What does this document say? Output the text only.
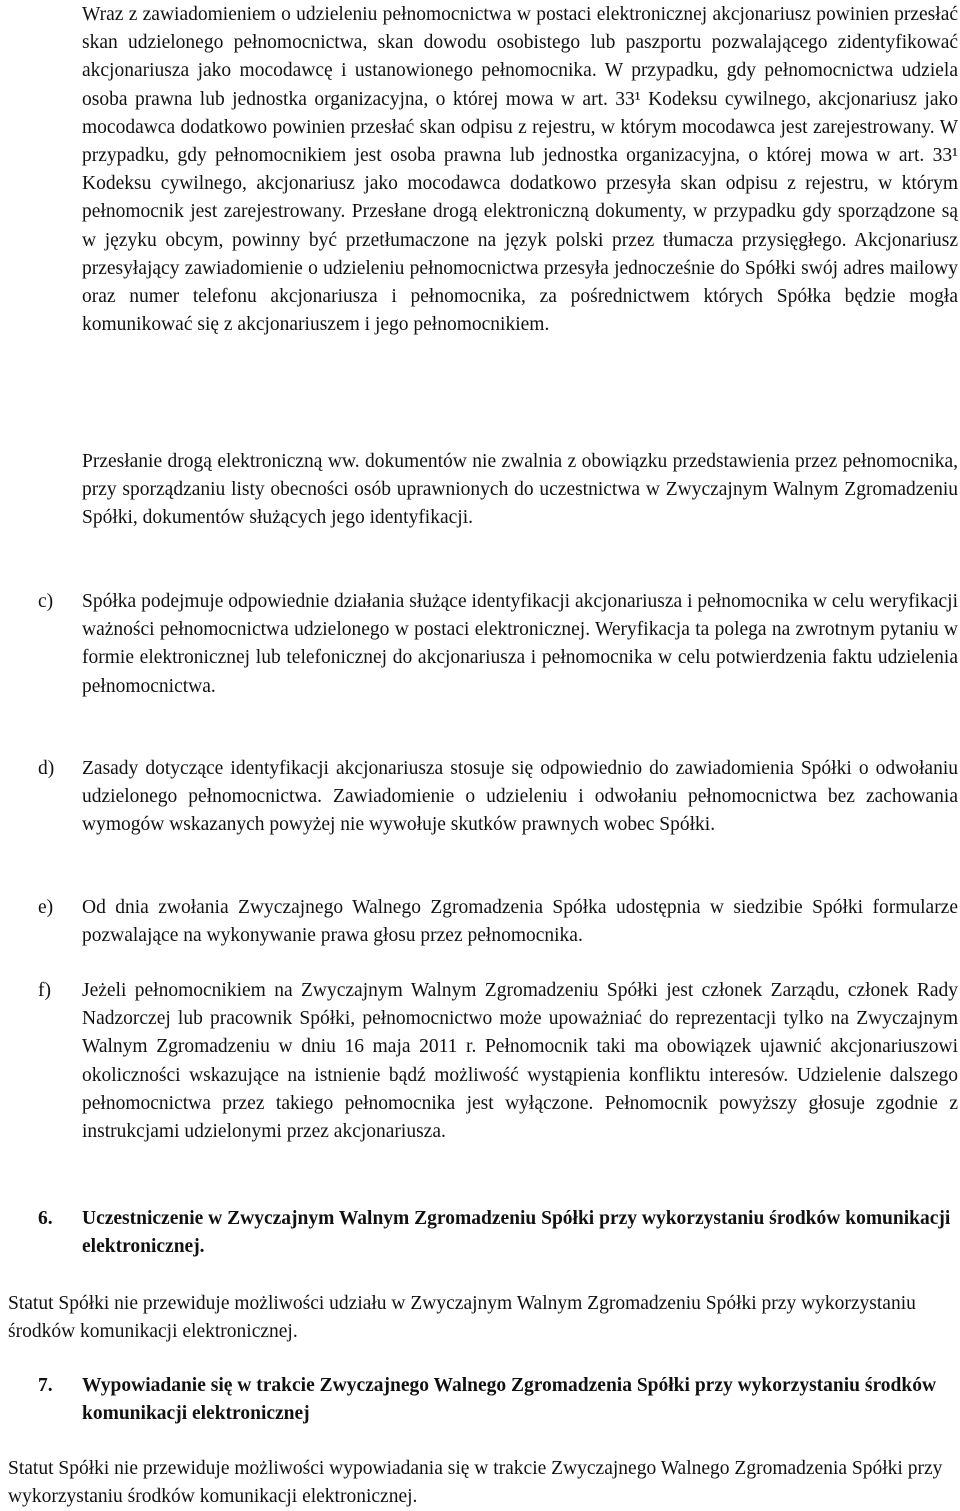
Wraz z zawiadomieniem o udzieleniu pełnomocnictwa w postaci elektronicznej akcjonariusz powinien przesłać skan udzielonego pełnomocnictwa, skan dowodu osobistego lub paszportu pozwalającego zidentyfikować akcjonariusza jako mocodawcę i ustanowionego pełnomocnika. W przypadku, gdy pełnomocnictwa udziela osoba prawna lub jednostka organizacyjna, o której mowa w art. 33¹ Kodeksu cywilnego, akcjonariusz jako mocodawca dodatkowo powinien przesłać skan odpisu z rejestru, w którym mocodawca jest zarejestrowany. W przypadku, gdy pełnomocnikiem jest osoba prawna lub jednostka organizacyjna, o której mowa w art. 33¹ Kodeksu cywilnego, akcjonariusz jako mocodawca dodatkowo przesyła skan odpisu z rejestru, w którym pełnomocnik jest zarejestrowany. Przesłane drogą elektroniczną dokumenty, w przypadku gdy sporządzone są w języku obcym, powinny być przetłumaczone na język polski przez tłumacza przysięgłego. Akcjonariusz przesyłający zawiadomienie o udzieleniu pełnomocnictwa przesyła jednocześnie do Spółki swój adres mailowy oraz numer telefonu akcjonariusza i pełnomocnika, za pośrednictwem których Spółka będzie mogła komunikować się z akcjonariuszem i jego pełnomocnikiem.

Przesłanie drogą elektroniczną ww. dokumentów nie zwalnia z obowiązku przedstawienia przez pełnomocnika, przy sporządzaniu listy obecności osób uprawnionych do uczestnictwa w Zwyczajnym Walnym Zgromadzeniu Spółki, dokumentów służących jego identyfikacji.

c) Spółka podejmuje odpowiednie działania służące identyfikacji akcjonariusza i pełnomocnika w celu weryfikacji ważności pełnomocnictwa udzielonego w postaci elektronicznej. Weryfikacja ta polega na zwrotnym pytaniu w formie elektronicznej lub telefonicznej do akcjonariusza i pełnomocnika w celu potwierdzenia faktu udzielenia pełnomocnictwa.

d) Zasady dotyczące identyfikacji akcjonariusza stosuje się odpowiednio do zawiadomienia Spółki o odwołaniu udzielonego pełnomocnictwa. Zawiadomienie o udzieleniu i odwołaniu pełnomocnictwa bez zachowania wymogów wskazanych powyżej nie wywołuje skutków prawnych wobec Spółki.

e) Od dnia zwołania Zwyczajnego Walnego Zgromadzenia Spółka udostępnia w siedzibie Spółki formularze pozwalające na wykonywanie prawa głosu przez pełnomocnika.

f) Jeżeli pełnomocnikiem na Zwyczajnym Walnym Zgromadzeniu Spółki jest członek Zarządu, członek Rady Nadzorczej lub pracownik Spółki, pełnomocnictwo może upoważniać do reprezentacji tylko na Zwyczajnym Walnym Zgromadzeniu w dniu 16 maja 2011 r. Pełnomocnik taki ma obowiązek ujawnić akcjonariuszowi okoliczności wskazujące na istnienie bądź możliwość wystąpienia konfliktu interesów. Udzielenie dalszego pełnomocnictwa przez takiego pełnomocnika jest wyłączone. Pełnomocnik powyższy głosuje zgodnie z instrukcjami udzielonymi przez akcjonariusza.

6. Uczestniczenie w Zwyczajnym Walnym Zgromadzeniu Spółki przy wykorzystaniu środków komunikacji elektronicznej.

Statut Spółki nie przewiduje możliwości udziału w Zwyczajnym Walnym Zgromadzeniu Spółki przy wykorzystaniu środków komunikacji elektronicznej.

7. Wypowiadanie się w trakcie Zwyczajnego Walnego Zgromadzenia Spółki przy wykorzystaniu środków komunikacji elektronicznej

Statut Spółki nie przewiduje możliwości wypowiadania się w trakcie Zwyczajnego Walnego Zgromadzenia Spółki przy wykorzystaniu środków komunikacji elektronicznej.
